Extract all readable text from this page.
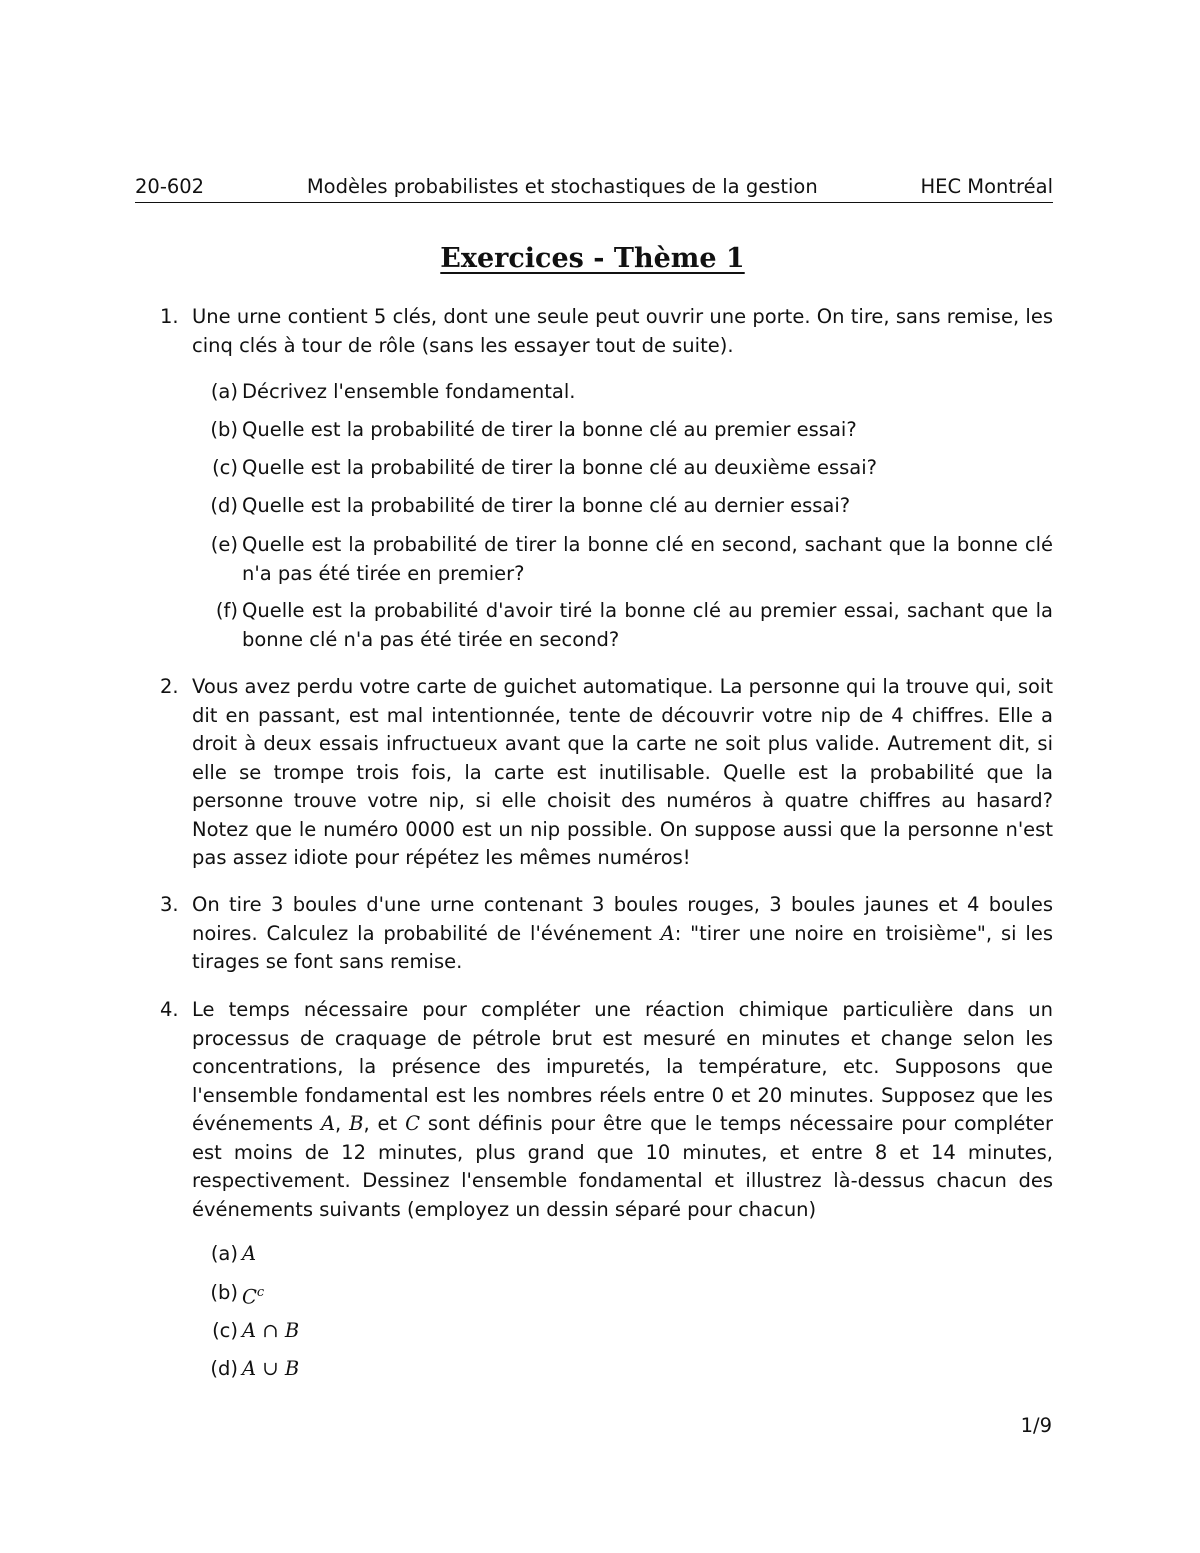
20-602	Modèles probabilistes et stochastiques de la gestion	HEC Montréal
Exercices - Thème 1
1. Une urne contient 5 clés, dont une seule peut ouvrir une porte. On tire, sans remise, les cinq clés à tour de rôle (sans les essayer tout de suite).
(a) Décrivez l'ensemble fondamental.
(b) Quelle est la probabilité de tirer la bonne clé au premier essai?
(c) Quelle est la probabilité de tirer la bonne clé au deuxième essai?
(d) Quelle est la probabilité de tirer la bonne clé au dernier essai?
(e) Quelle est la probabilité de tirer la bonne clé en second, sachant que la bonne clé n'a pas été tirée en premier?
(f) Quelle est la probabilité d'avoir tiré la bonne clé au premier essai, sachant que la bonne clé n'a pas été tirée en second?
2. Vous avez perdu votre carte de guichet automatique. La personne qui la trouve qui, soit dit en passant, est mal intentionnée, tente de découvrir votre nip de 4 chiffres. Elle a droit à deux essais infructueux avant que la carte ne soit plus valide. Autrement dit, si elle se trompe trois fois, la carte est inutilisable. Quelle est la probabilité que la personne trouve votre nip, si elle choisit des numéros à quatre chiffres au hasard? Notez que le numéro 0000 est un nip possible. On suppose aussi que la personne n'est pas assez idiote pour répétez les mêmes numéros!
3. On tire 3 boules d'une urne contenant 3 boules rouges, 3 boules jaunes et 4 boules noires. Calculez la probabilité de l'événement A: "tirer une noire en troisième", si les tirages se font sans remise.
4. Le temps nécessaire pour compléter une réaction chimique particulière dans un processus de craquage de pétrole brut est mesuré en minutes et change selon les concentrations, la présence des impuretés, la température, etc. Supposons que l'ensemble fondamental est les nombres réels entre 0 et 20 minutes. Supposez que les événements A, B, et C sont définis pour être que le temps nécessaire pour compléter est moins de 12 minutes, plus grand que 10 minutes, et entre 8 et 14 minutes, respectivement. Dessinez l'ensemble fondamental et illustrez là-dessus chacun des événements suivants (employez un dessin séparé pour chacun)
(a) A
(b) $C^c$
(c) A ∩ B
(d) A ∪ B
1/9
